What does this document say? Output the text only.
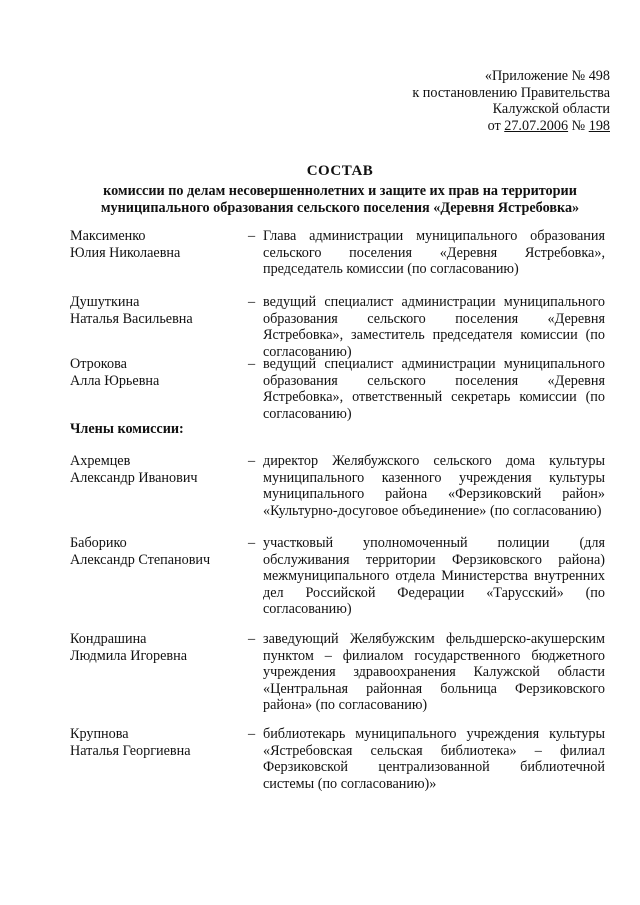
«Приложение № 498
к постановлению Правительства
Калужской области
от 27.07.2006 № 198
СОСТАВ
комиссии по делам несовершеннолетних и защите их прав на территории
муниципального образования сельского поселения «Деревня Ястребовка»
Максименко
Юлия Николаевна
– Глава администрации муниципального образования сельского поселения «Деревня Ястребовка», председатель комиссии (по согласованию)
Душуткина
Наталья Васильевна
– ведущий специалист администрации муниципального образования сельского поселения «Деревня Ястребовка», заместитель председателя комиссии (по согласованию)
Отрокова
Алла Юрьевна
– ведущий специалист администрации муниципального образования сельского поселения «Деревня Ястребовка», ответственный секретарь комиссии (по согласованию)
Члены комиссии:
Ахремцев
Александр Иванович
– директор Желябужского сельского дома культуры муниципального казенного учреждения культуры муниципального района «Ферзиковский район» «Культурно-досуговое объединение» (по согласованию)
Баборико
Александр Степанович
– участковый уполномоченный полиции (для обслуживания территории Ферзиковского района) межмуниципального отдела Министерства внутренних дел Российской Федерации «Тарусский» (по согласованию)
Кондрашина
Людмила Игоревна
– заведующий Желябужским фельдшерско-акушерским пунктом – филиалом государственного бюджетного учреждения здравоохранения Калужской области «Центральная районная больница Ферзиковского района» (по согласованию)
Крупнова
Наталья Георгиевна
– библиотекарь муниципального учреждения культуры «Ястребовская сельская библиотека» – филиал Ферзиковской централизованной библиотечной системы (по согласованию)»
